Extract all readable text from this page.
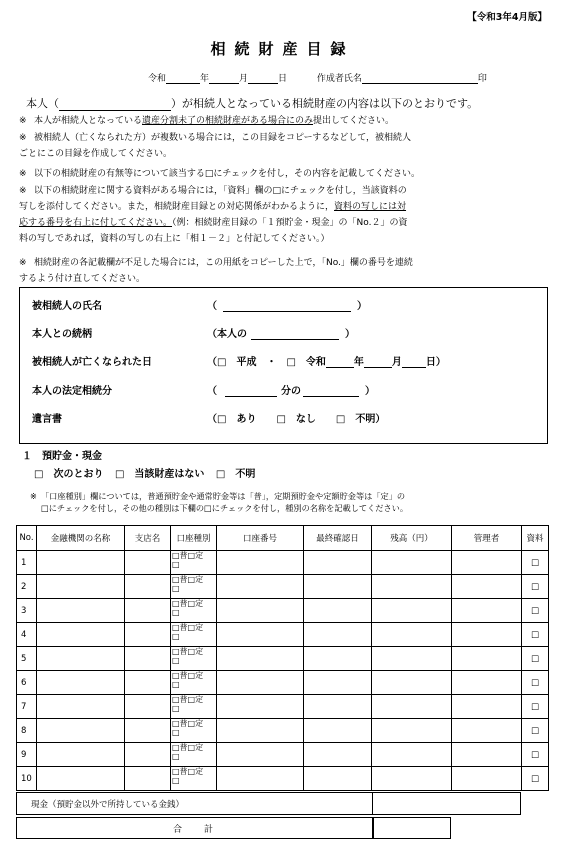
【令和3年4月版】
相続財産目録
令和	年	月	日	作成者氏名	印
本人（	）が相続人となっている相続財産の内容は以下のとおりです。
※ 本人が相続人となっている遺産分割未了の相続財産がある場合にのみ提出してください。
※ 被相続人（亡くなられた方）が複数いる場合には，この目録をコピーするなどして，被相続人
ごとにこの目録を作成してください。
※ 以下の相続財産の有無等について該当する□にチェックを付し，その内容を記載してください。
※ 以下の相続財産に関する資料がある場合には，「資料」欄の□にチェックを付し，当該資料の
写しを添付してください。また，相続財産目録との対応関係がわかるように，資料の写しには対
応する番号を右上に付してください。（例：相続財産目録の「１預貯金・現金」の「No.２」の資
料の写しであれば，資料の写しの右上に「相１－２」と付記してください。）
※ 相続財産の各記載欄が不足した場合には，この用紙をコピーした上で，「No.」欄の番号を連続
するよう付け直してください。
被相続人の氏名	（	）
本人との続柄	（本人の	）
被相続人が亡くなられた日	（□　平成　・　□　令和	年	月 日）
本人の法定相続分	（	分の	）
遺言書	（□　あり　　□　なし　　□　不明）
１　預貯金・現金
□　次のとおり □　当該財産はない □　不明
※　「口座種別」欄については，普通預貯金や通常貯金等は「普」，定期預貯金や定額貯金等は「定」の
□にチェックを付し，その他の種別は下欄の□にチェックを付し，種別の名称を記載してください。
No.	金融機関の名称	支店名	口座種別	口座番号	最終確認日	残高（円）	管理者	資料
1			□普□定
□					□
2			□普□定
□					□
3			□普□定
□					□
4			□普□定
□					□
5			□普□定
□					□
6			□普□定
□					□
7			□普□定
□					□
8			□普□定
□					□
9			□普□定
□					□
10			□普□定
□					□
現金（預貯金以外で所持している金銭）
合計
